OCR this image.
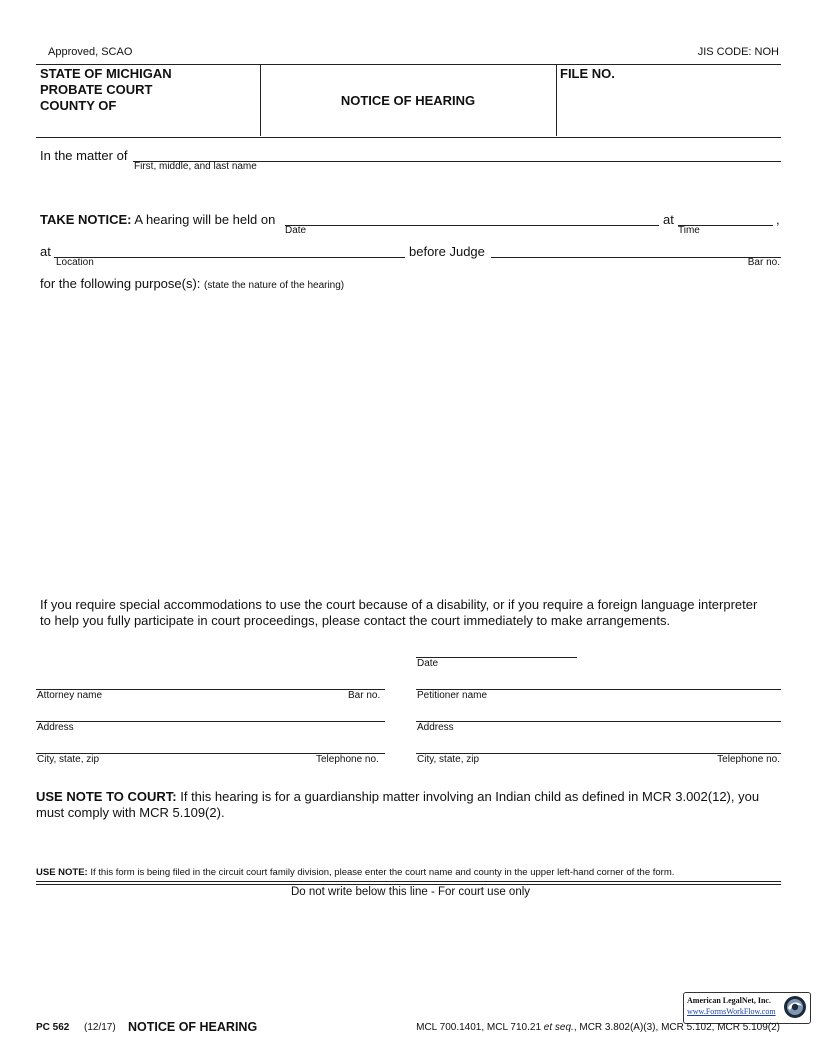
Approved, SCAO	JIS CODE: NOH
STATE OF MICHIGAN
PROBATE COURT
COUNTY OF	NOTICE OF HEARING
FILE NO.
In the matter of
First, middle, and last name
TAKE NOTICE: A hearing will be held on
Date
at
Time
,
at
Location
before Judge
Bar no.
for the following purpose(s): (state the nature of the hearing)
If you require special accommodations to use the court because of a disability, or if you require a foreign language interpreter
to help you fully participate in court proceedings, please contact the court immediately to make arrangements.
Date
Attorney name	Bar no.	Petitioner name
Address	Address
City, state, zip	Telephone no.	City, state, zip	Telephone no.
USE NOTE TO COURT: If this hearing is for a guardianship matter involving an Indian child as defined in MCR 3.002(12), you
must comply with MCR 5.109(2).
USE NOTE: If this form is being filed in the circuit court family division, please enter the court name and county in the upper left-hand corner of the form.
Do not write below this line - For court use only
American LegalNet, Inc.
www.FormsWorkFlow.com
PC 562 (12/17) NOTICE OF HEARING	MCL 700.1401, MCL 710.21 et seq., MCR 3.802(A)(3), MCR 5.102, MCR 5.109(2)
